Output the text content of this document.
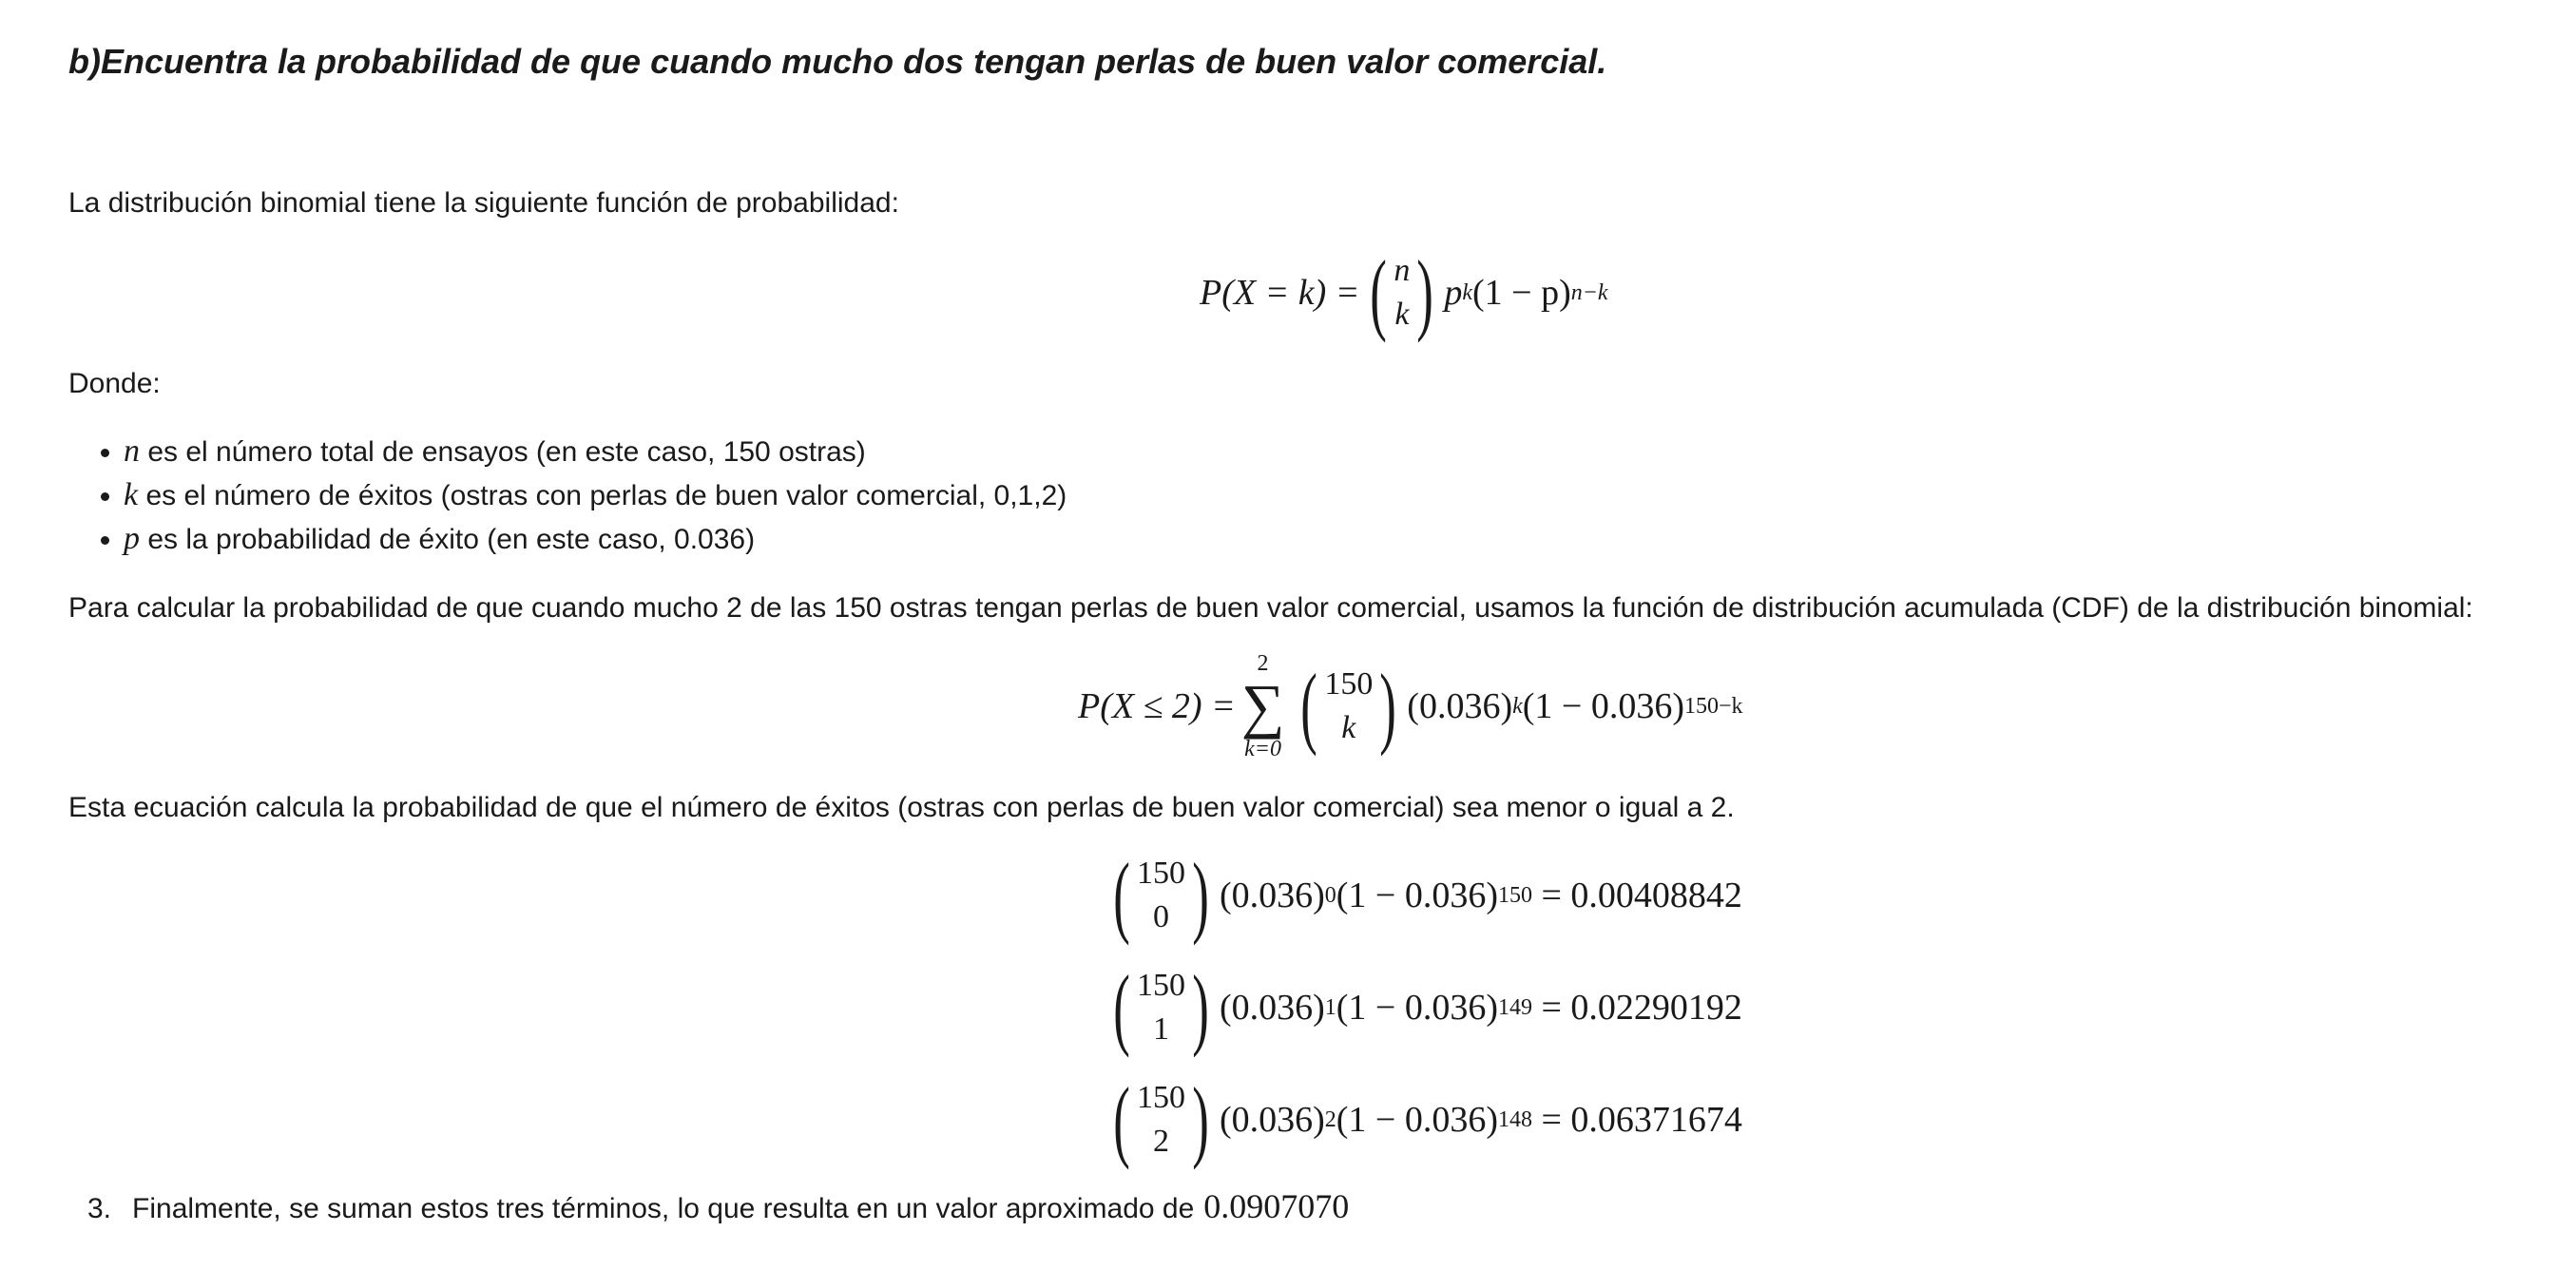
b)Encuentra la probabilidad de que cuando mucho dos tengan perlas de buen valor comercial.
La distribución binomial tiene la siguiente función de probabilidad:
P(X = k) = ( n
k ) p k (1 − p) n−k
Donde:
• n es el número total de ensayos (en este caso, 150 ostras)
• k es el número de éxitos (ostras con perlas de buen valor comercial, 0,1,2)
• p es la probabilidad de éxito (en este caso, 0.036)
Para calcular la probabilidad de que cuando mucho 2 de las 150 ostras tengan perlas de buen valor comercial, usamos la función de distribución acumulada (CDF) de la distribución binomial:
P(X ≤ 2) =
2
∑
k=0 ( 150
k ) (0.036) k (1 − 0.036) 150−k
Esta ecuación calcula la probabilidad de que el número de éxitos (ostras con perlas de buen valor comercial) sea menor o igual a 2.
( 150
0 ) (0.036) 0 (1 − 0.036) 150
= 0.00408842
( 150
1 ) (0.036) 1 (1 − 0.036) 149
= 0.02290192
( 150
2 ) (0.036) 2 (1 − 0.036) 148
= 0.06371674
3. Finalmente, se suman estos tres términos, lo que resulta en un valor aproximado de 0.0907070
